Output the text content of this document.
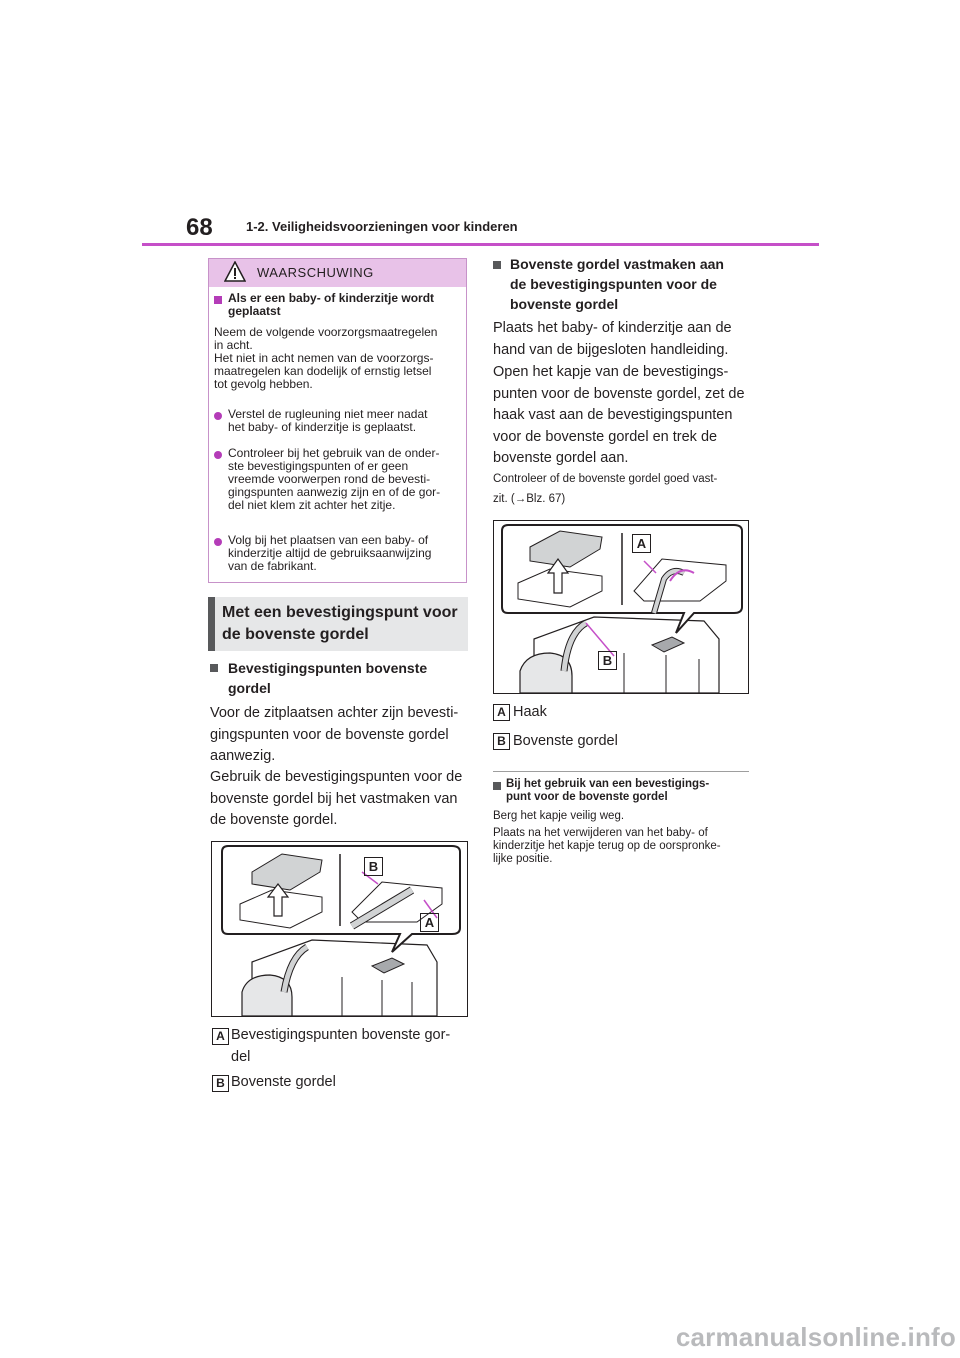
68	1-2. Veiligheidsvoorzieningen voor kinderen
WAARSCHUWING
Als er een baby- of kinderzitje wordt geplaatst
Neem de volgende voorzorgsmaatregelen
in acht.
Het niet in acht nemen van de voorzorgs-
maatregelen kan dodelijk of ernstig letsel
tot gevolg hebben.
Verstel de rugleuning niet meer nadat
het baby- of kinderzitje is geplaatst.
Controleer bij het gebruik van de onder-
ste bevestigingspunten of er geen
vreemde voorwerpen rond de bevesti-
gingspunten aanwezig zijn en of de gor-
del niet klem zit achter het zitje.
Volg bij het plaatsen van een baby- of
kinderzitje altijd de gebruiksaanwijzing
van de fabrikant.
Met een bevestigingspunt voor
de bovenste gordel
Bevestigingspunten bovenste
gordel
Voor de zitplaatsen achter zijn bevesti-
gingspunten voor de bovenste gordel
aanwezig.
Gebruik de bevestigingspunten voor de
bovenste gordel bij het vastmaken van
de bovenste gordel.
B
A
A Bevestigingspunten bovenste gor-
del
B Bovenste gordel
Bovenste gordel vastmaken aan
de bevestigingspunten voor de
bovenste gordel
Plaats het baby- of kinderzitje aan de
hand van de bijgesloten handleiding.
Open het kapje van de bevestigings-
punten voor de bovenste gordel, zet de
haak vast aan de bevestigingspunten
voor de bovenste gordel en trek de
bovenste gordel aan.
Controleer of de bovenste gordel goed vast-
zit. (→Blz. 67)
A
B
A Haak
B Bovenste gordel
Bij het gebruik van een bevestigings-
punt voor de bovenste gordel
Berg het kapje veilig weg.
Plaats na het verwijderen van het baby- of
kinderzitje het kapje terug op de oorspronke-
lijke positie.
carmanualsonline.info
